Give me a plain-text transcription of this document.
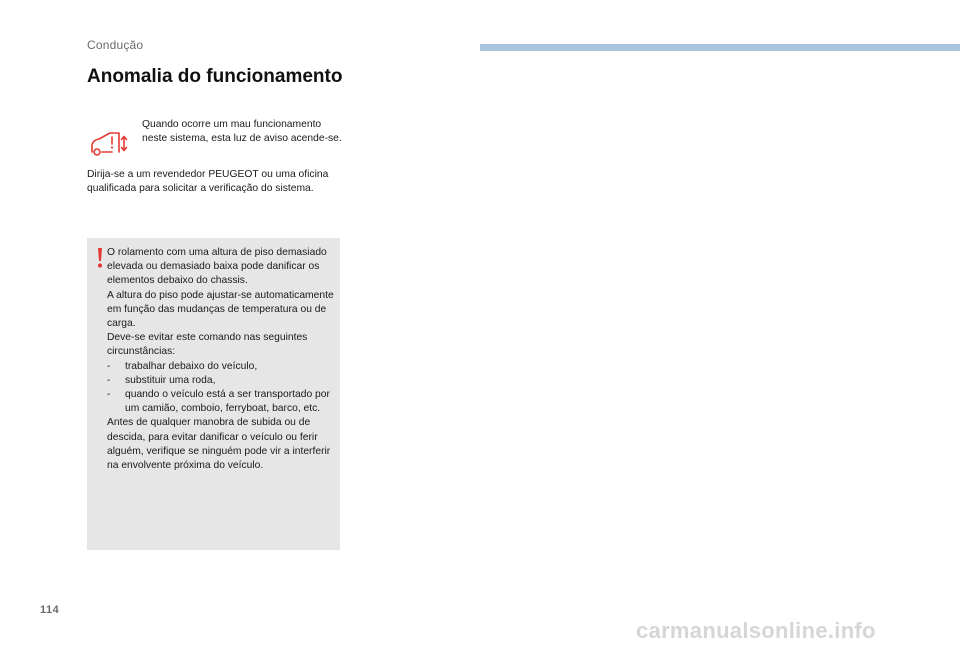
Condução
Anomalia do funcionamento

Quando ocorre um mau funcionamento neste sistema, esta luz de aviso acende-se.

Dirija-se a um revendedor PEUGEOT ou uma oficina qualificada para solicitar a verificação do sistema.

O rolamento com uma altura de piso demasiado elevada ou demasiado baixa pode danificar os elementos debaixo do chassis.

A altura do piso pode ajustar-se automaticamente em função das mudanças de temperatura ou de carga.

Deve-se evitar este comando nas seguintes circunstâncias:

- trabalhar debaixo do veículo,
- substituir uma roda,
- quando o veículo está a ser transportado por um camião, comboio, ferryboat, barco, etc.

Antes de qualquer manobra de subida ou de descida, para evitar danificar o veículo ou ferir alguém, verifique se ninguém pode vir a interferir na envolvente próxima do veículo.

114
carmanualsonline.info
